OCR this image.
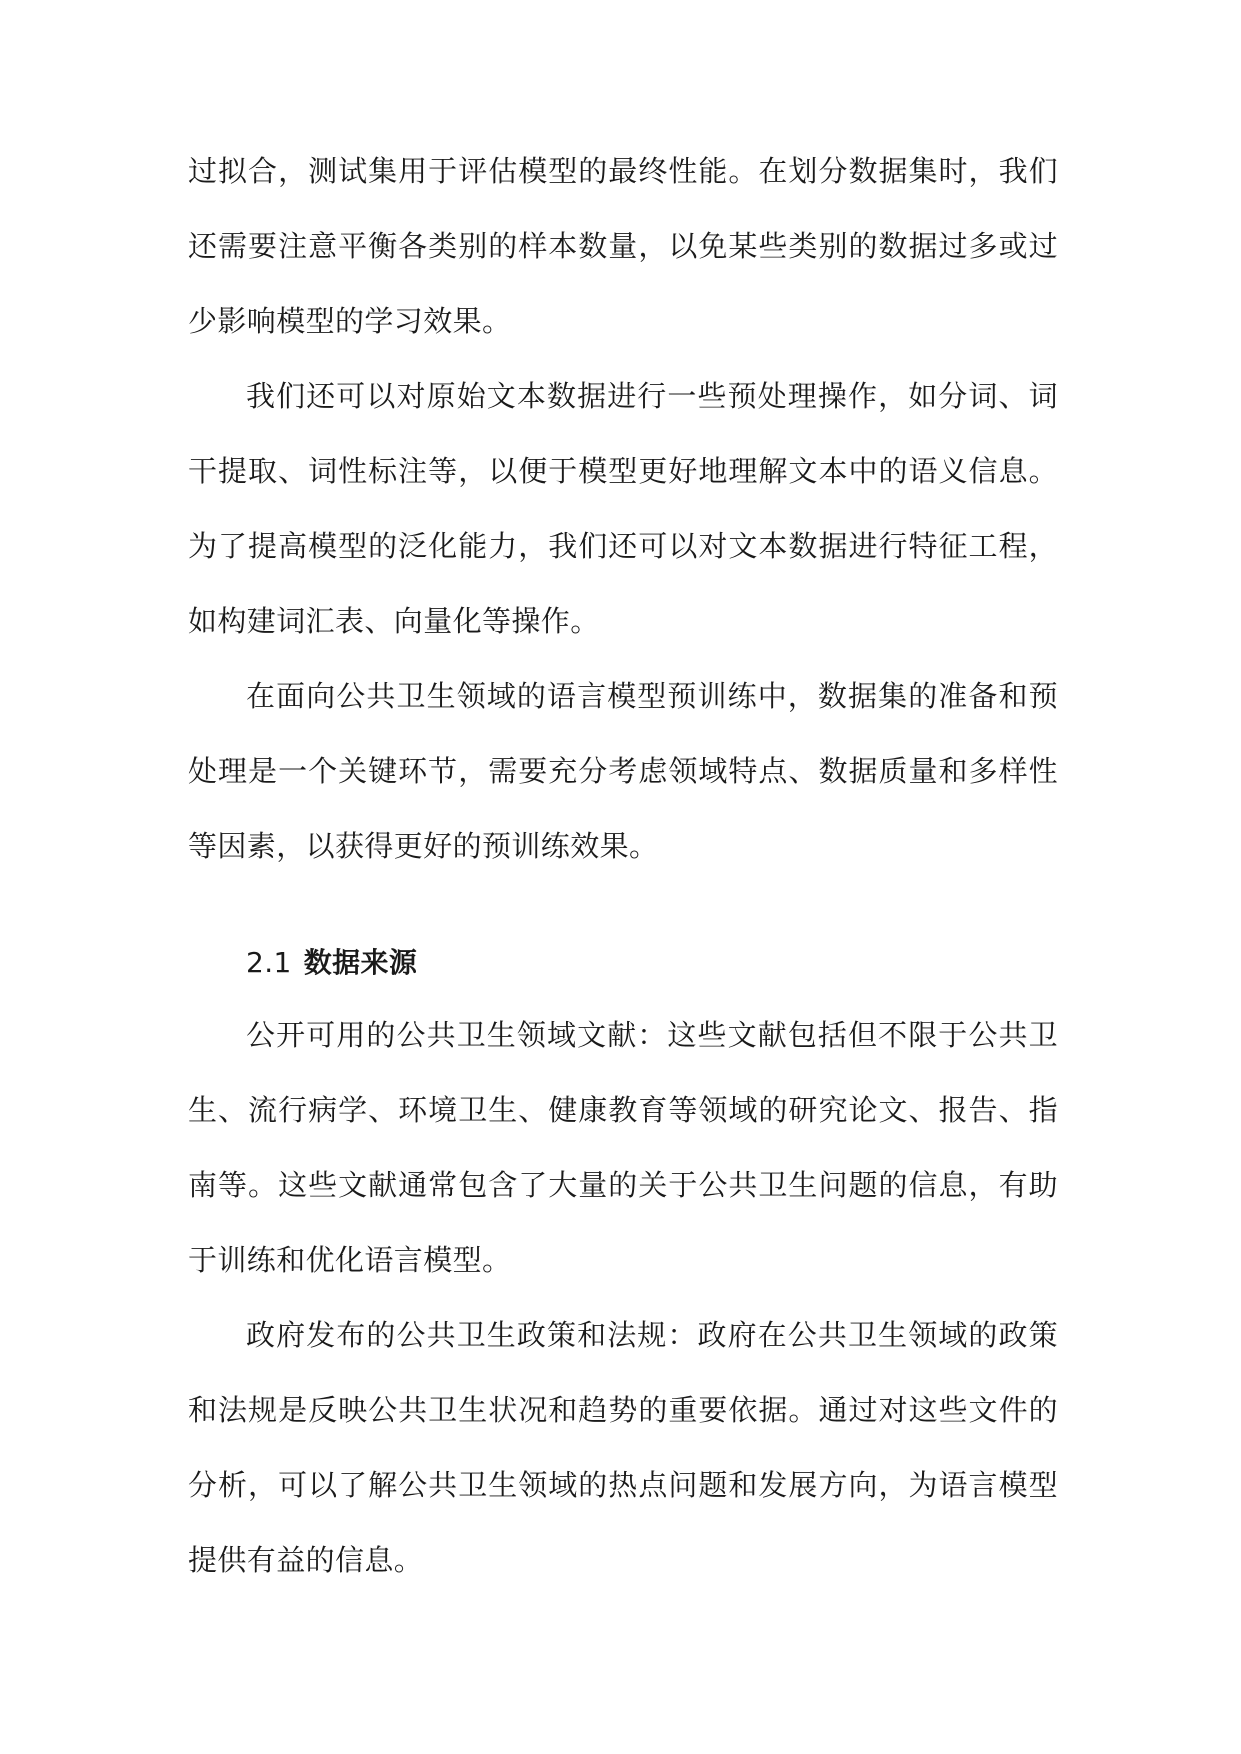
过拟合，测试集用于评估模型的最终性能。在划分数据集时，我们还需要注意平衡各类别的样本数量，以免某些类别的数据过多或过少影响模型的学习效果。

我们还可以对原始文本数据进行一些预处理操作，如分词、词干提取、词性标注等，以便于模型更好地理解文本中的语义信息。为了提高模型的泛化能力，我们还可以对文本数据进行特征工程，如构建词汇表、向量化等操作。

在面向公共卫生领域的语言模型预训练中，数据集的准备和预处理是一个关键环节，需要充分考虑领域特点、数据质量和多样性等因素，以获得更好的预训练效果。

2.1 数据来源

公开可用的公共卫生领域文献：这些文献包括但不限于公共卫生、流行病学、环境卫生、健康教育等领域的研究论文、报告、指南等。这些文献通常包含了大量的关于公共卫生问题的信息，有助于训练和优化语言模型。

政府发布的公共卫生政策和法规：政府在公共卫生领域的政策和法规是反映公共卫生状况和趋势的重要依据。通过对这些文件的分析，可以了解公共卫生领域的热点问题和发展方向，为语言模型提供有益的信息。
